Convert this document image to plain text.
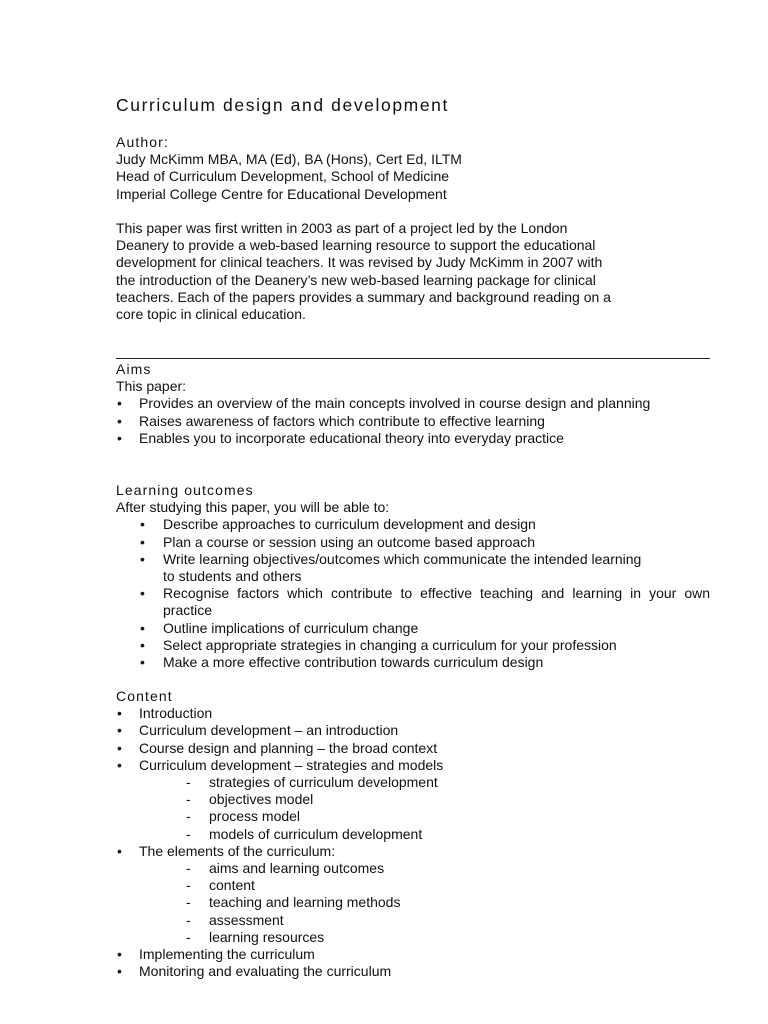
Curriculum design and development
Author:
Judy McKimm MBA, MA (Ed), BA (Hons), Cert Ed, ILTM
Head of Curriculum Development, School of Medicine
Imperial College Centre for Educational Development
This paper was first written in 2003 as part of a project led by the London
Deanery to provide a web-based learning resource to support the educational
development for clinical teachers. It was revised by Judy McKimm in 2007 with
the introduction of the Deanery’s new web-based learning package for clinical
teachers. Each of the papers provides a summary and background reading on a
core topic in clinical education.
Aims
This paper:
• Provides an overview of the main concepts involved in course design and planning
• Raises awareness of factors which contribute to effective learning
• Enables you to incorporate educational theory into everyday practice
Learning outcomes
After studying this paper, you will be able to:
• Describe approaches to curriculum development and design
• Plan a course or session using an outcome based approach
• Write learning objectives/outcomes which communicate the intended learning to students and others
• Recognise factors which contribute to effective teaching and learning in your own practice
• Outline implications of curriculum change
• Select appropriate strategies in changing a curriculum for your profession
• Make a more effective contribution towards curriculum design
Content
• Introduction
• Curriculum development – an introduction
• Course design and planning – the broad context
• Curriculum development – strategies and models
- strategies of curriculum development
- objectives model
- process model
- models of curriculum development
• The elements of the curriculum:
- aims and learning outcomes
- content
- teaching and learning methods
- assessment
- learning resources
• Implementing the curriculum
• Monitoring and evaluating the curriculum
